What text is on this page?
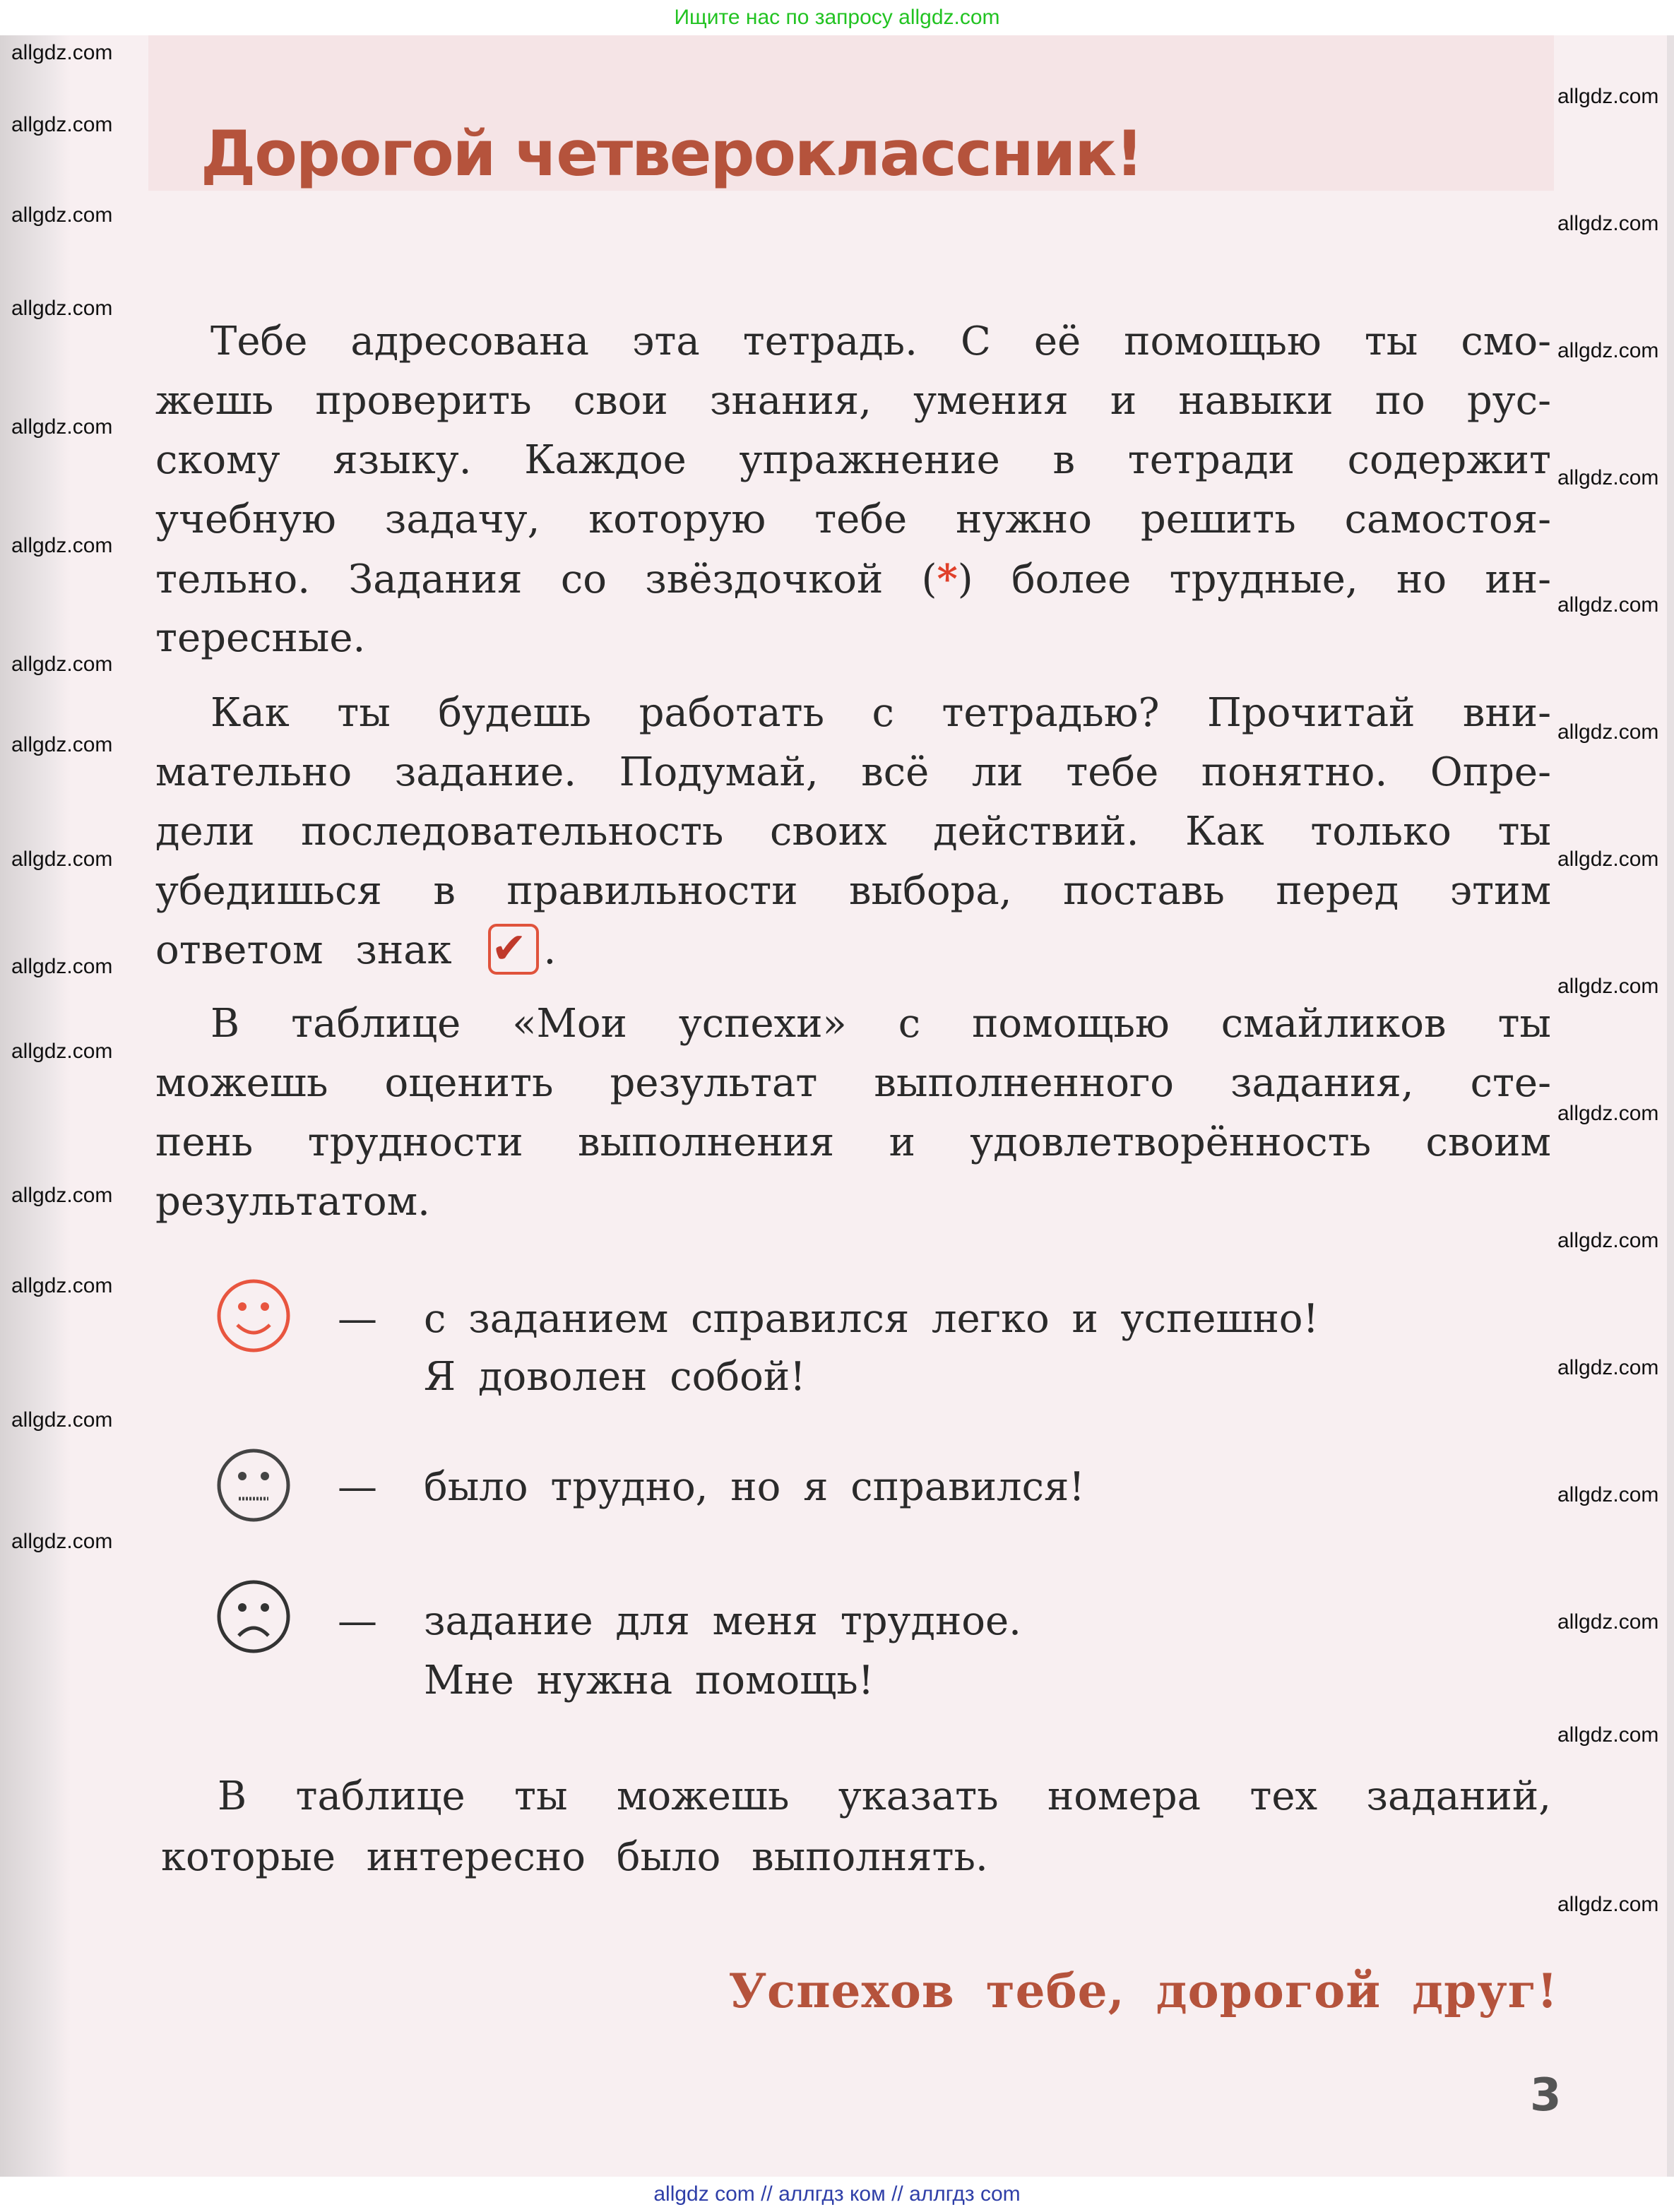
Ищите нас по запросу allgdz.com
Дорогой четвероклассник!
Тебе адресована эта тетрадь. С её помощью ты смо-
жешь проверить свои знания, умения и навыки по рус-
скому языку. Каждое упражнение в тетради содержит
учебную задачу, которую тебе нужно решить самостоя-
тельно. Задания со звёздочкой (*) более трудные, но ин-
тересные.
Как ты будешь работать с тетрадью? Прочитай вни-
мательно задание. Подумай, всё ли тебе понятно. Опре-
дели последовательность своих действий. Как только ты
убедишься в правильности выбора, поставь перед этим
ответом знак ✔ .
В таблице «Мои успехи» с помощью смайликов ты
можешь оценить результат выполненного задания, сте-
пень трудности выполнения и удовлетворённость своим
результатом.
— с заданием справился легко и успешно!
Я доволен собой!
— было трудно, но я справился!
— задание для меня трудное.
Мне нужна помощь!
В таблице ты можешь указать номера тех заданий,
которые интересно было выполнять.
Успехов тебе, дорогой друг!
3
allgdz.com
allgdz.com
allgdz.com
allgdz.com
allgdz.com
allgdz.com
allgdz.com
allgdz.com
allgdz.com
allgdz.com
allgdz.com
allgdz.com
allgdz.com
allgdz.com
allgdz.com
allgdz.com
allgdz.com
allgdz.com
allgdz.com
allgdz.com
allgdz.com
allgdz.com
allgdz.com
allgdz.com
allgdz.com
allgdz.com
allgdz.com
allgdz.com
allgdz.com
allgdz.com
allgdz com // аллгдз ком // аллгдз com
